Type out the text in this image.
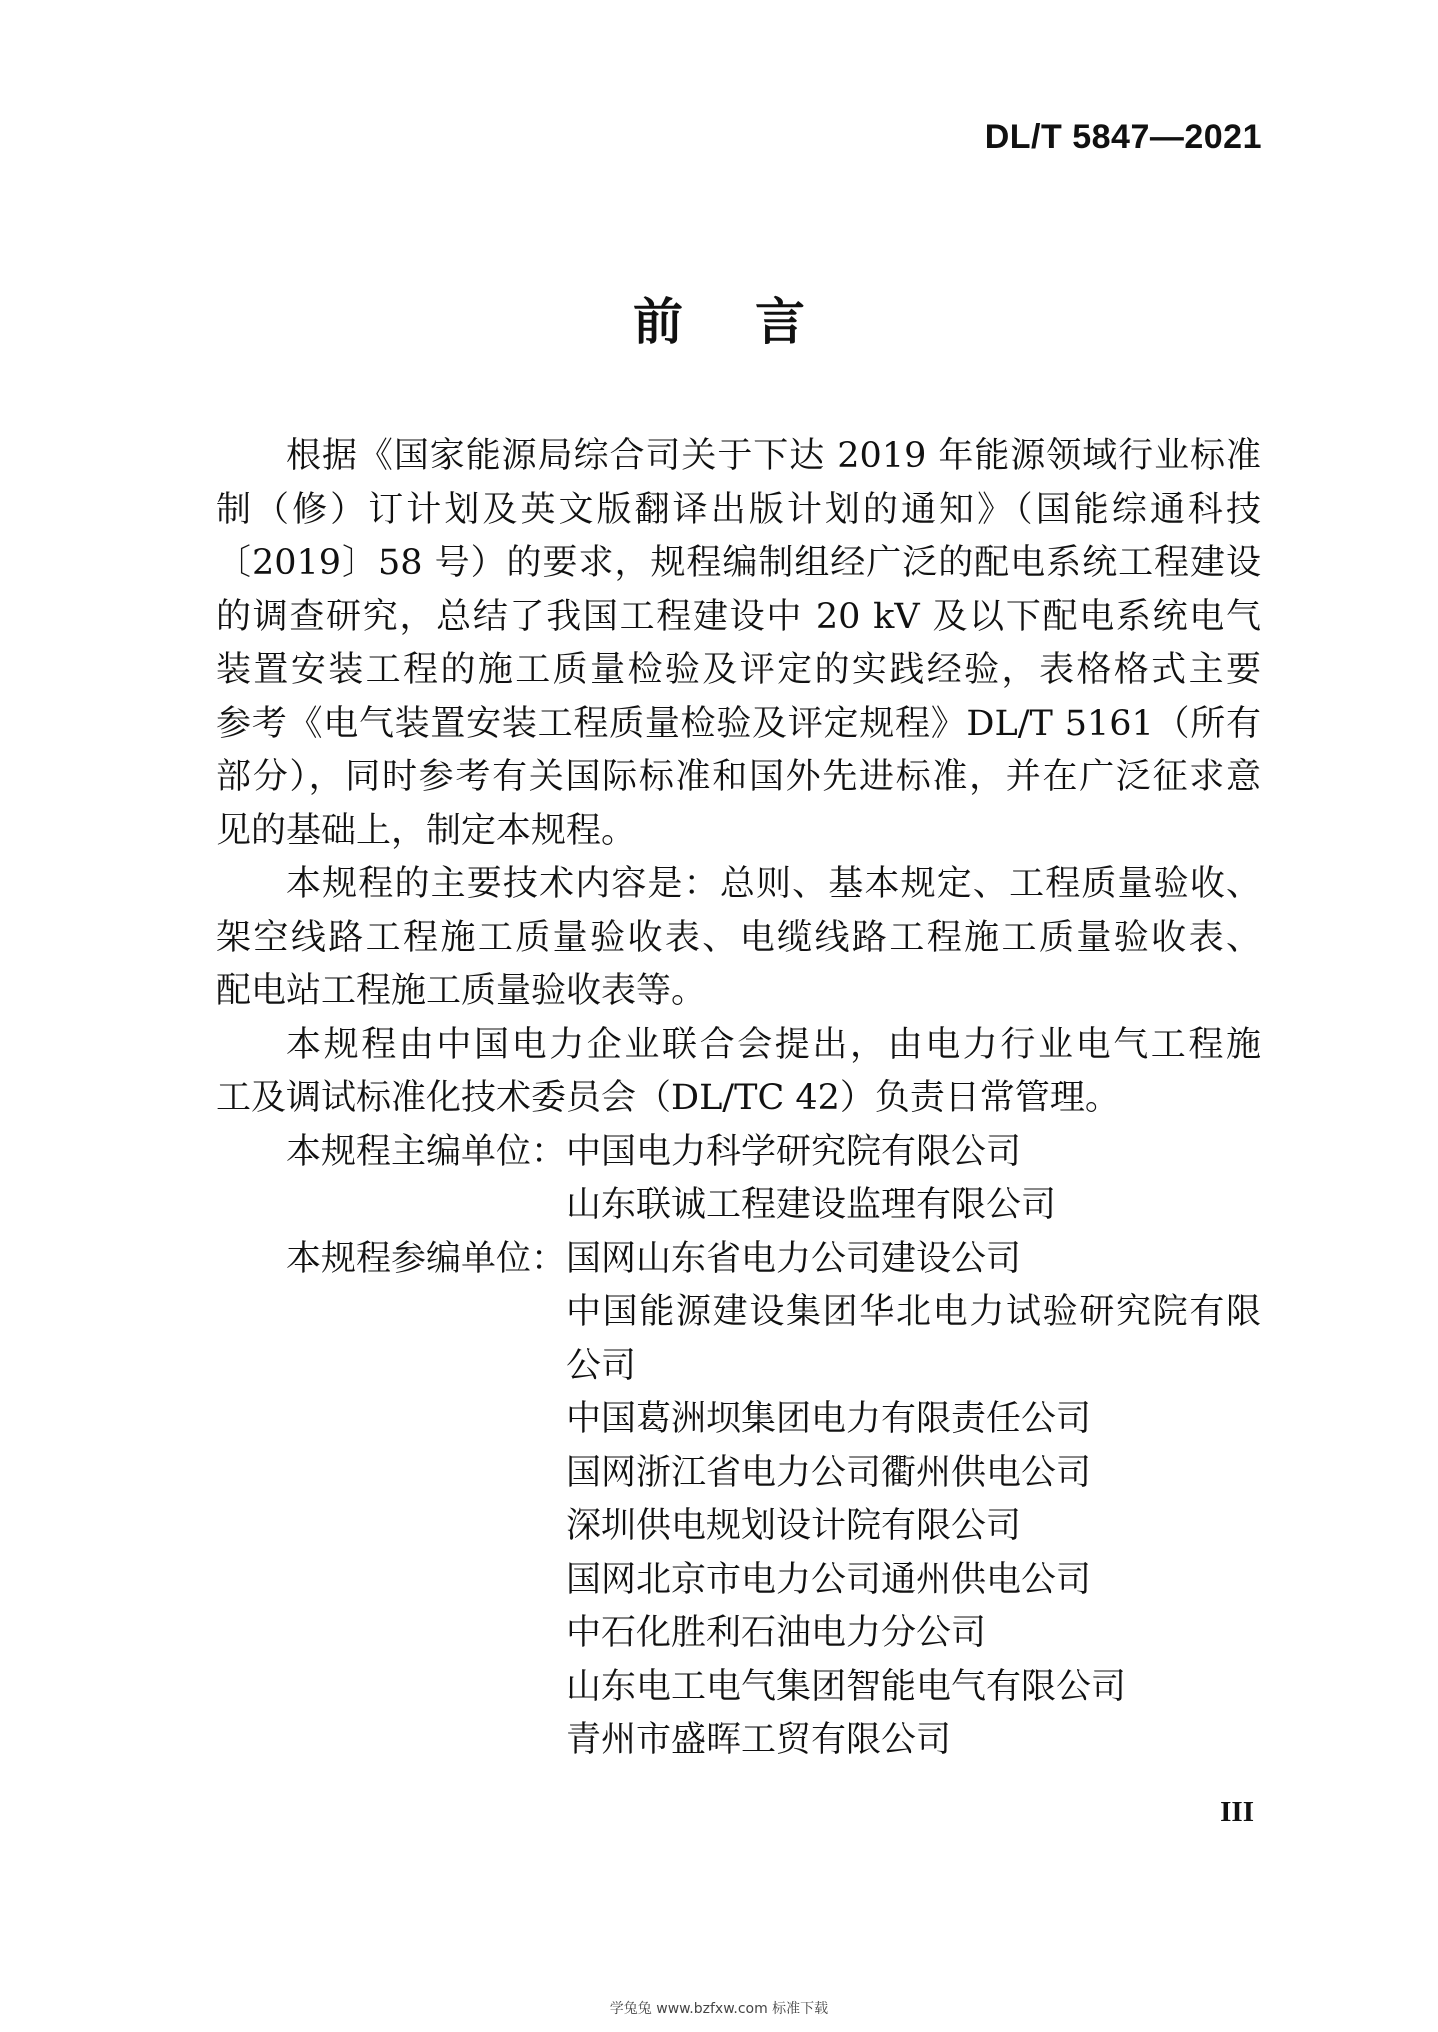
DL/T 5847—2021
前言

根据《国家能源局综合司关于下达 2019 年能源领域行业标准
制（修）订计划及英文版翻译出版计划的通知》（国能综通科技
〔2019〕58 号）的要求，规程编制组经广泛的配电系统工程建设
的调查研究，总结了我国工程建设中 20 kV 及以下配电系统电气
装置安装工程的施工质量检验及评定的实践经验，表格格式主要
参考《电气装置安装工程质量检验及评定规程》DL/T 5161（所有
部分），同时参考有关国际标准和国外先进标准，并在广泛征求意
见的基础上，制定本规程。

本规程的主要技术内容是：总则、基本规定、工程质量验收、
架空线路工程施工质量验收表、电缆线路工程施工质量验收表、
配电站工程施工质量验收表等。

本规程由中国电力企业联合会提出，由电力行业电气工程施
工及调试标准化技术委员会（DL/TC 42）负责日常管理。

本规程主编单位： 中国电力科学研究院有限公司
山东联诚工程建设监理有限公司
本规程参编单位： 国网山东省电力公司建设公司
中国能源建设集团华北电力试验研究院有限公司
中国葛洲坝集团电力有限责任公司
国网浙江省电力公司衢州供电公司
深圳供电规划设计院有限公司
国网北京市电力公司通州供电公司
中石化胜利石油电力分公司
山东电工电气集团智能电气有限公司
青州市盛晖工贸有限公司
III
学兔兔 www.bzfxw.com 标准下载
